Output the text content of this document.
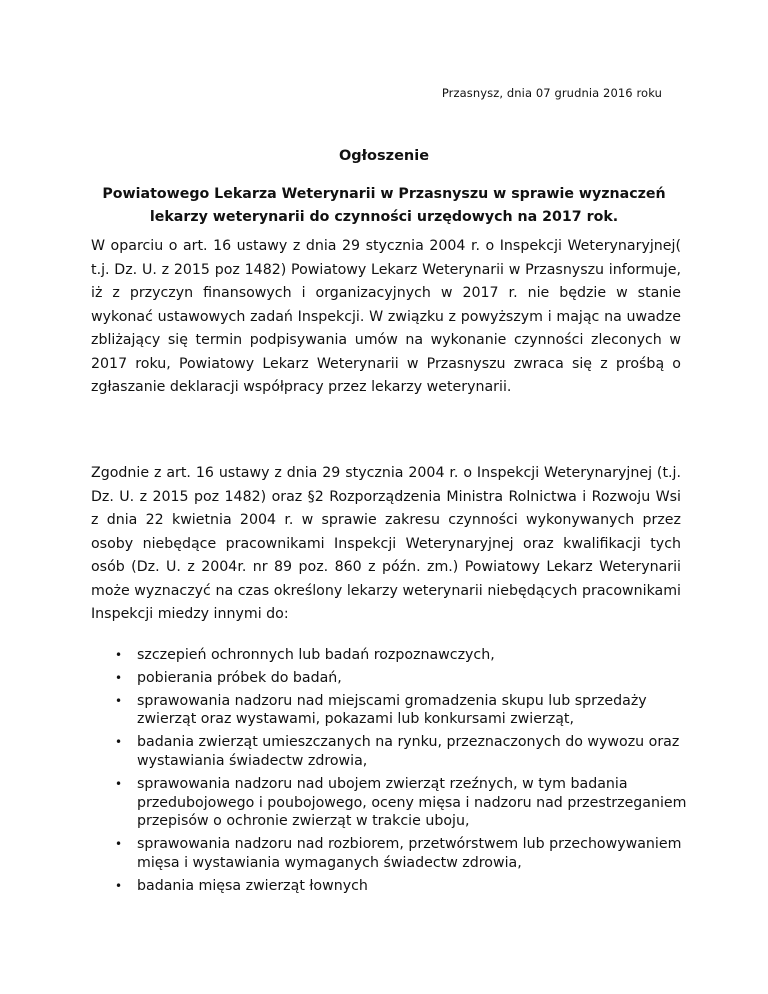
Przasnysz, dnia 07 grudnia 2016 roku
Ogłoszenie
Powiatowego Lekarza Weterynarii w Przasnyszu w sprawie wyznaczeń lekarzy weterynarii do czynności urzędowych na 2017 rok.

W oparciu o art. 16 ustawy z dnia 29 stycznia 2004 r. o Inspekcji Weterynaryjnej( t.j. Dz. U. z 2015 poz 1482) Powiatowy Lekarz Weterynarii w Przasnyszu informuje, iż z przyczyn finansowych i organizacyjnych w 2017 r. nie będzie w stanie wykonać ustawowych zadań Inspekcji. W związku z powyższym i mając na uwadze zbliżający się termin podpisywania umów na wykonanie czynności zleconych w 2017 roku, Powiatowy Lekarz Weterynarii w Przasnyszu zwraca się z prośbą o zgłaszanie deklaracji współpracy przez lekarzy weterynarii.

Zgodnie z art. 16 ustawy z dnia 29 stycznia 2004 r. o Inspekcji Weterynaryjnej (t.j. Dz. U. z 2015 poz 1482) oraz §2 Rozporządzenia Ministra Rolnictwa i Rozwoju Wsi z dnia 22 kwietnia 2004 r. w sprawie zakresu czynności wykonywanych przez osoby niebędące pracownikami Inspekcji Weterynaryjnej oraz kwalifikacji tych osób (Dz. U. z 2004r. nr 89 poz. 860 z późn. zm.) Powiatowy Lekarz Weterynarii może wyznaczyć na czas określony lekarzy weterynarii niebędących pracownikami Inspekcji miedzy innymi do:

• szczepień ochronnych lub badań rozpoznawczych,
• pobierania próbek do badań,
• sprawowania nadzoru nad miejscami gromadzenia skupu lub sprzedaży zwierząt oraz wystawami, pokazami lub konkursami zwierząt,
• badania zwierząt umieszczanych na rynku, przeznaczonych do wywozu oraz wystawiania świadectw zdrowia,
• sprawowania nadzoru nad ubojem zwierząt rzeźnych, w tym badania przedubojowego i poubojowego, oceny mięsa i nadzoru nad przestrzeganiem przepisów o ochronie zwierząt w trakcie uboju,
• sprawowania nadzoru nad rozbiorem, przetwórstwem lub przechowywaniem mięsa i wystawiania wymaganych świadectw zdrowia,
• badania mięsa zwierząt łownych
